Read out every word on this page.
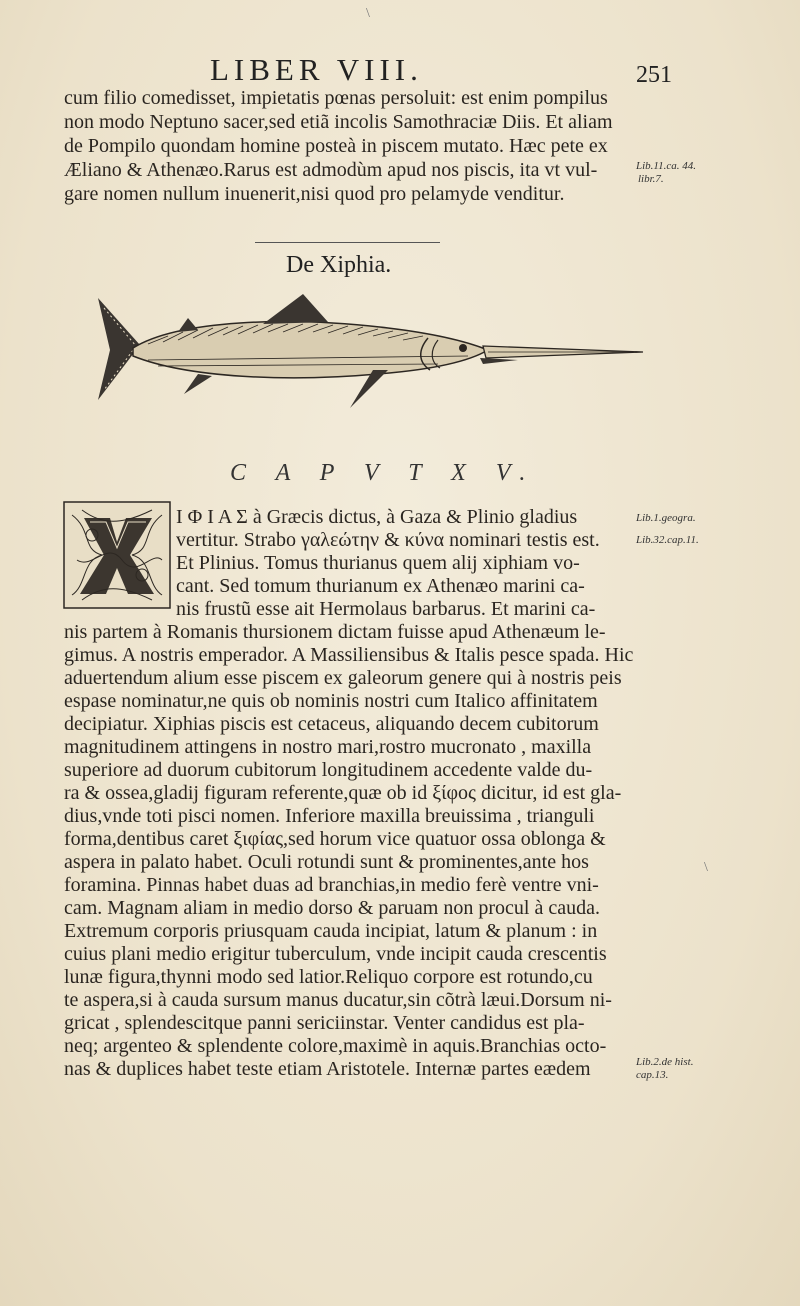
LIBER VIII.	251
cum filio comedisset, impietatis pœnas persoluit: est enim pompilus
non modo Neptuno sacer,sed etiã incolis Samothraciæ Diis. Et aliam
de Pompilo quondam homine posteà in piscem mutato. Hæc pete ex
Æliano & Athenæo.Rarus est admodùm apud nos piscis, ita vt vul-
gare nomen nullum inuenerit,nisi quod pro pelamyde venditur.
Lib.11.ca. 44.
libr.7.
De Xiphia.
C A P V T X V.
I Φ I A Σ à Græcis dictus, à Gaza & Plinio gladius
vertitur. Strabo γαλεώτην & κύνα nominari testis est.
Et Plinius. Tomus thurianus quem alij xiphiam vo-
cant. Sed tomum thurianum ex Athenæo marini ca-
nis frustũ esse ait Hermolaus barbarus. Et marini ca-
nis partem à Romanis thursionem dictam fuisse apud Athenæum le-
gimus. A nostris emperador. A Massiliensibus & Italis pesce spada. Hic
aduertendum alium esse piscem ex galeorum genere qui à nostris peis
espase nominatur,ne quis ob nominis nostri cum Italico affinitatem
decipiatur. Xiphias piscis est cetaceus, aliquando decem cubitorum
magnitudinem attingens in nostro mari,rostro mucronato , maxilla
superiore ad duorum cubitorum longitudinem accedente valde du-
ra & ossea,gladij figuram referente,quæ ob id ξίφος dicitur, id est gla-
dius,vnde toti pisci nomen. Inferiore maxilla breuissima , trianguli
forma,dentibus caret ξιφίας,sed horum vice quatuor ossa oblonga &
aspera in palato habet. Oculi rotundi sunt & prominentes,ante hos
foramina. Pinnas habet duas ad branchias,in medio ferè ventre vni-
cam. Magnam aliam in medio dorso & paruam non procul à cauda.
Extremum corporis priusquam cauda incipiat, latum & planum : in
cuius plani medio erigitur tuberculum, vnde incipit cauda crescentis
lunæ figura,thynni modo sed latior.Reliquo corpore est rotundo,cu
te aspera,si à cauda sursum manus ducatur,sin cõtrà læui.Dorsum ni-
gricat , splendescitque panni sericiinstar. Venter candidus est pla-
neq; argenteo & splendente colore,maximè in aquis.Branchias octo-
nas & duplices habet teste etiam Aristotele. Internæ partes eædem
Lib.1.geogra.
Lib.32.cap.11.
Lib.2.de hist.
cap.13.
\
\
